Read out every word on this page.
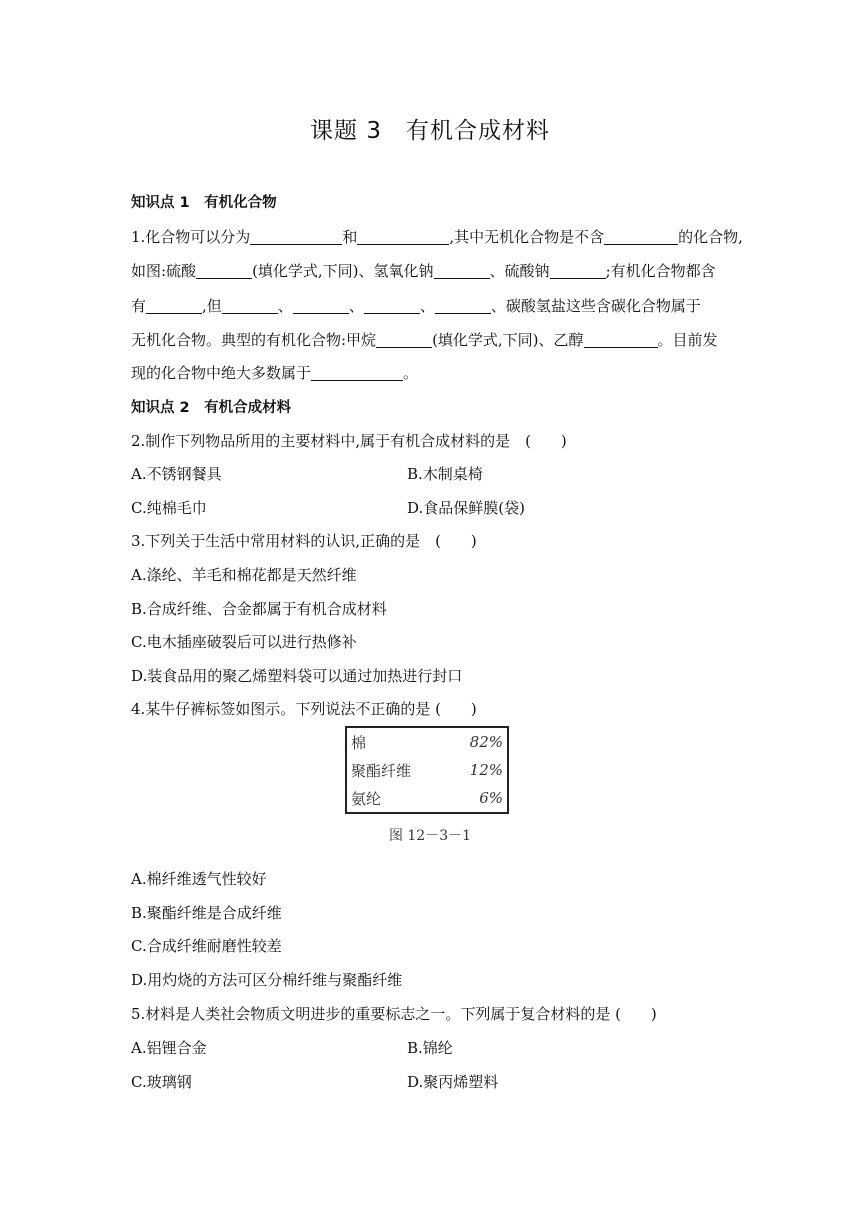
课题 3　有机合成材料
知识点 1　有机化合物
1.化合物可以分为	和	,其中无机化合物是不含	的化合物,
如图:硫酸	(填化学式,下同)、氢氧化钠	、硫酸钠	;有机化合物都含
有	,但	、	、	、	、碳酸氢盐这些含碳化合物属于
无机化合物。典型的有机化合物:甲烷	(填化学式,下同)、乙醇	。目前发
现的化合物中绝大多数属于	。
知识点 2　有机合成材料
2.制作下列物品所用的主要材料中,属于有机合成材料的是　(　　)
A.不锈钢餐具	B.木制桌椅
C.纯棉毛巾	D.食品保鲜膜(袋)
3.下列关于生活中常用材料的认识,正确的是　(　　)
A.涤纶、羊毛和棉花都是天然纤维
B.合成纤维、合金都属于有机合成材料
C.电木插座破裂后可以进行热修补
D.装食品用的聚乙烯塑料袋可以通过加热进行封口
4.某牛仔裤标签如图示。下列说法不正确的是 (　　)
棉	82%
聚酯纤维	12%
氨纶	6%
图 12－3－1
A.棉纤维透气性较好
B.聚酯纤维是合成纤维
C.合成纤维耐磨性较差
D.用灼烧的方法可区分棉纤维与聚酯纤维
5.材料是人类社会物质文明进步的重要标志之一。下列属于复合材料的是 (　　)
A.铝锂合金	B.锦纶
C.玻璃钢	D.聚丙烯塑料
